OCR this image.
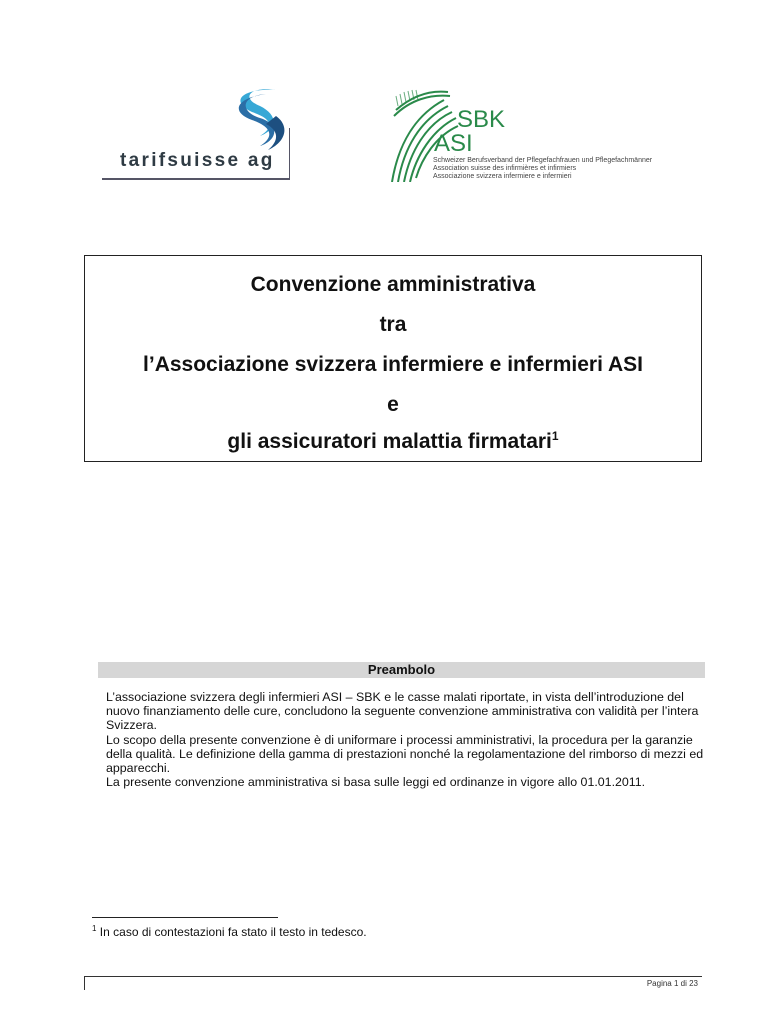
tarifsuisse ag
SBK
ASI
Schweizer Berufsverband der Pflegefachfrauen und Pflegefachmänner
Association suisse des infirmières et infirmiers
Associazione svizzera infermiere e infermieri
Convenzione amministrativa
tra
l’Associazione svizzera infermiere e infermieri ASI
e
gli assicuratori malattia firmatari$^1$
Preambolo

L’associazione svizzera degli infermieri ASI – SBK e le casse malati riportate, in vista dell’introduzione del nuovo finanziamento delle cure, concludono la seguente convenzione amministrativa con validità per l’intera Svizzera.

Lo scopo della presente convenzione è di uniformare i processi amministrativi, la procedura per la garanzie della qualità. Le definizione della gamma di prestazioni nonché la regolamentazione del rimborso di mezzi ed apparecchi.

La presente convenzione amministrativa si basa sulle leggi ed ordinanze in vigore allo 01.01.2011.

$^1$ In caso di contestazioni fa stato il testo in tedesco.
Pagina 1 di 23
